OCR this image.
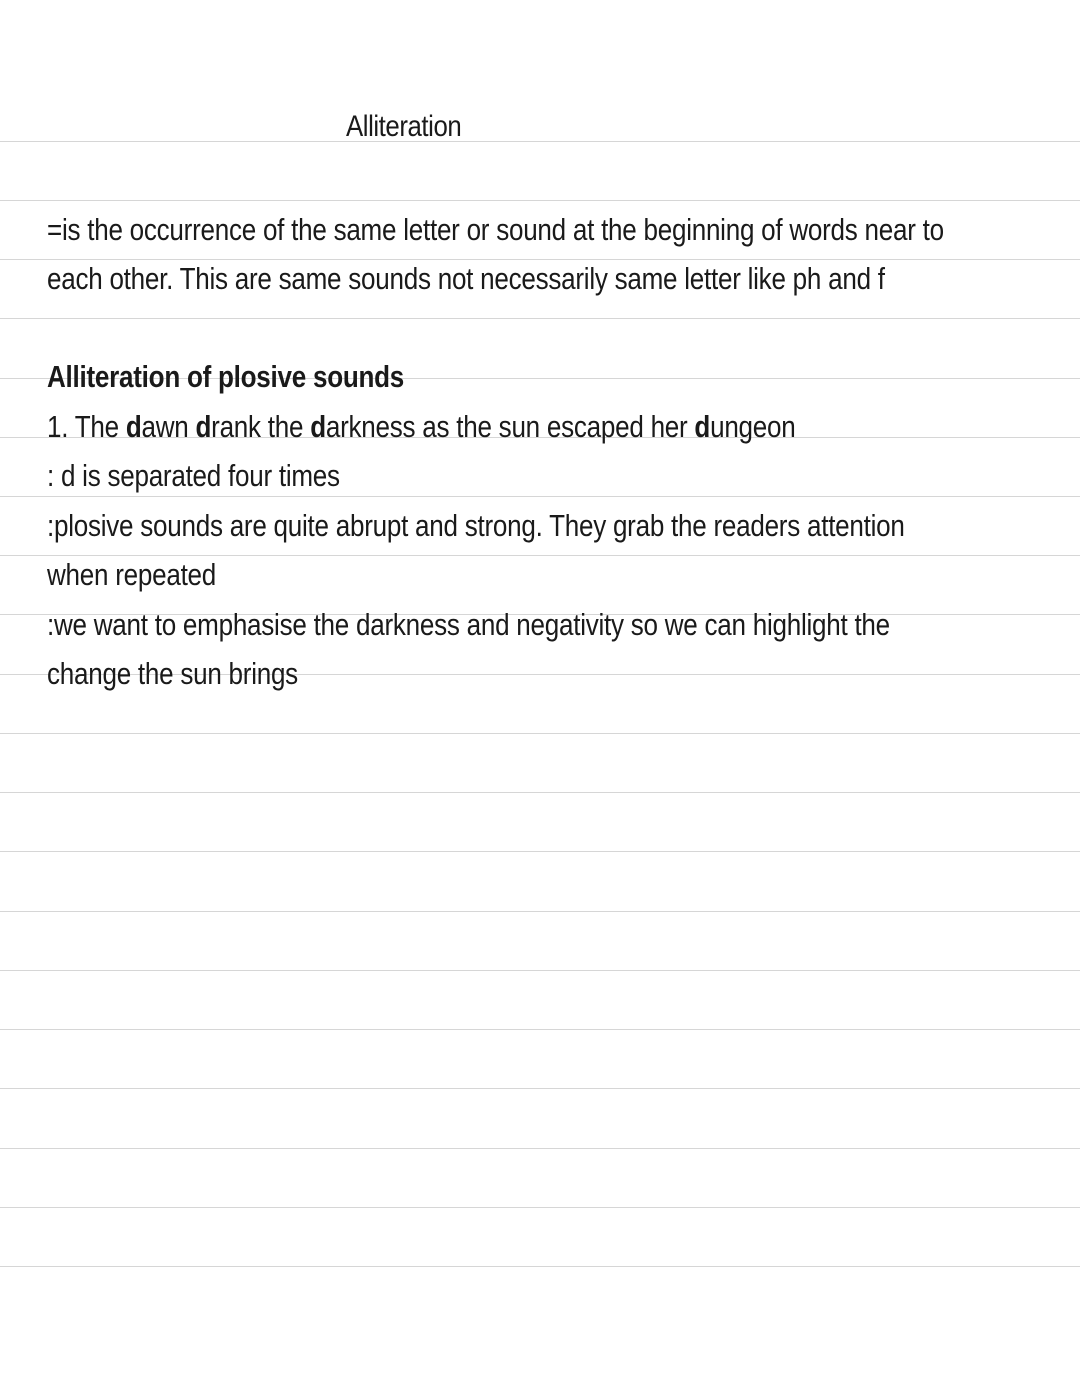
Alliteration
=is the occurrence of the same letter or sound at the beginning of words near to
each other. This are same sounds not necessarily same letter like ph and f
Alliteration of plosive sounds
1. The dawn drank the darkness as the sun escaped her dungeon
: d is separated four times
:plosive sounds are quite abrupt and strong. They grab the readers attention
when repeated
:we want to emphasise the darkness and negativity so we can highlight the
change the sun brings
